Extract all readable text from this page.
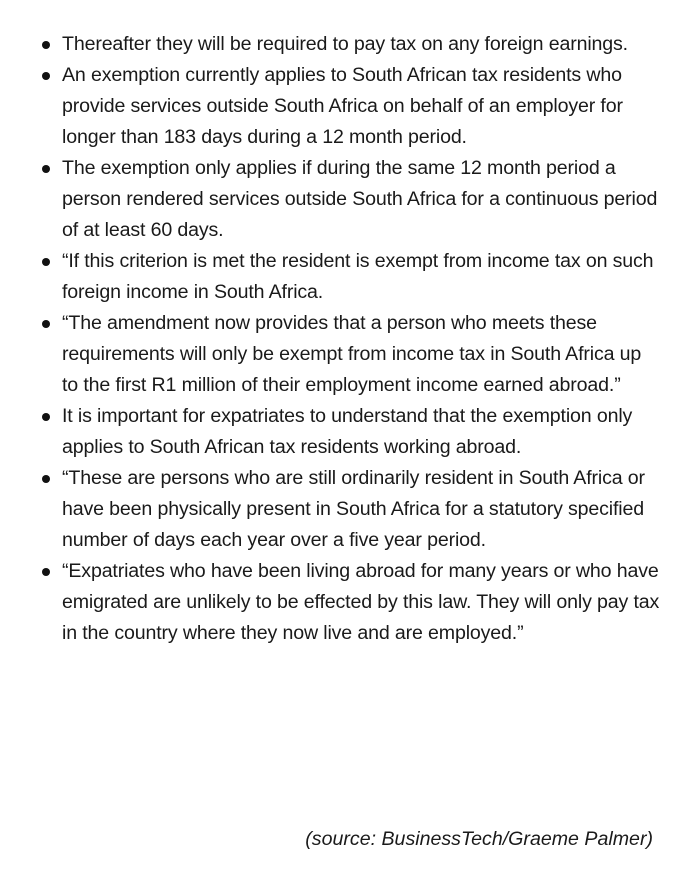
Thereafter they will be required to pay tax on any foreign earnings.
An exemption currently applies to South African tax residents who provide services outside South Africa on behalf of an employer for longer than 183 days during a 12 month period.
The exemption only applies if during the same 12 month period a person rendered services outside South Africa for a continuous period of at least 60 days.
“If this criterion is met the resident is exempt from income tax on such foreign income in South Africa.
“The amendment now provides that a person who meets these requirements will only be exempt from income tax in South Africa up to the first R1 million of their employment income earned abroad.”
It is important for expatriates to understand that the exemption only applies to South African tax residents working abroad.
“These are persons who are still ordinarily resident in South Africa or have been physically present in South Africa for a statutory specified number of days each year over a five year period.
“Expatriates who have been living abroad for many years or who have emigrated are unlikely to be effected by this law. They will only pay tax in the country where they now live and are employed.”

(source: BusinessTech/Graeme Palmer)
